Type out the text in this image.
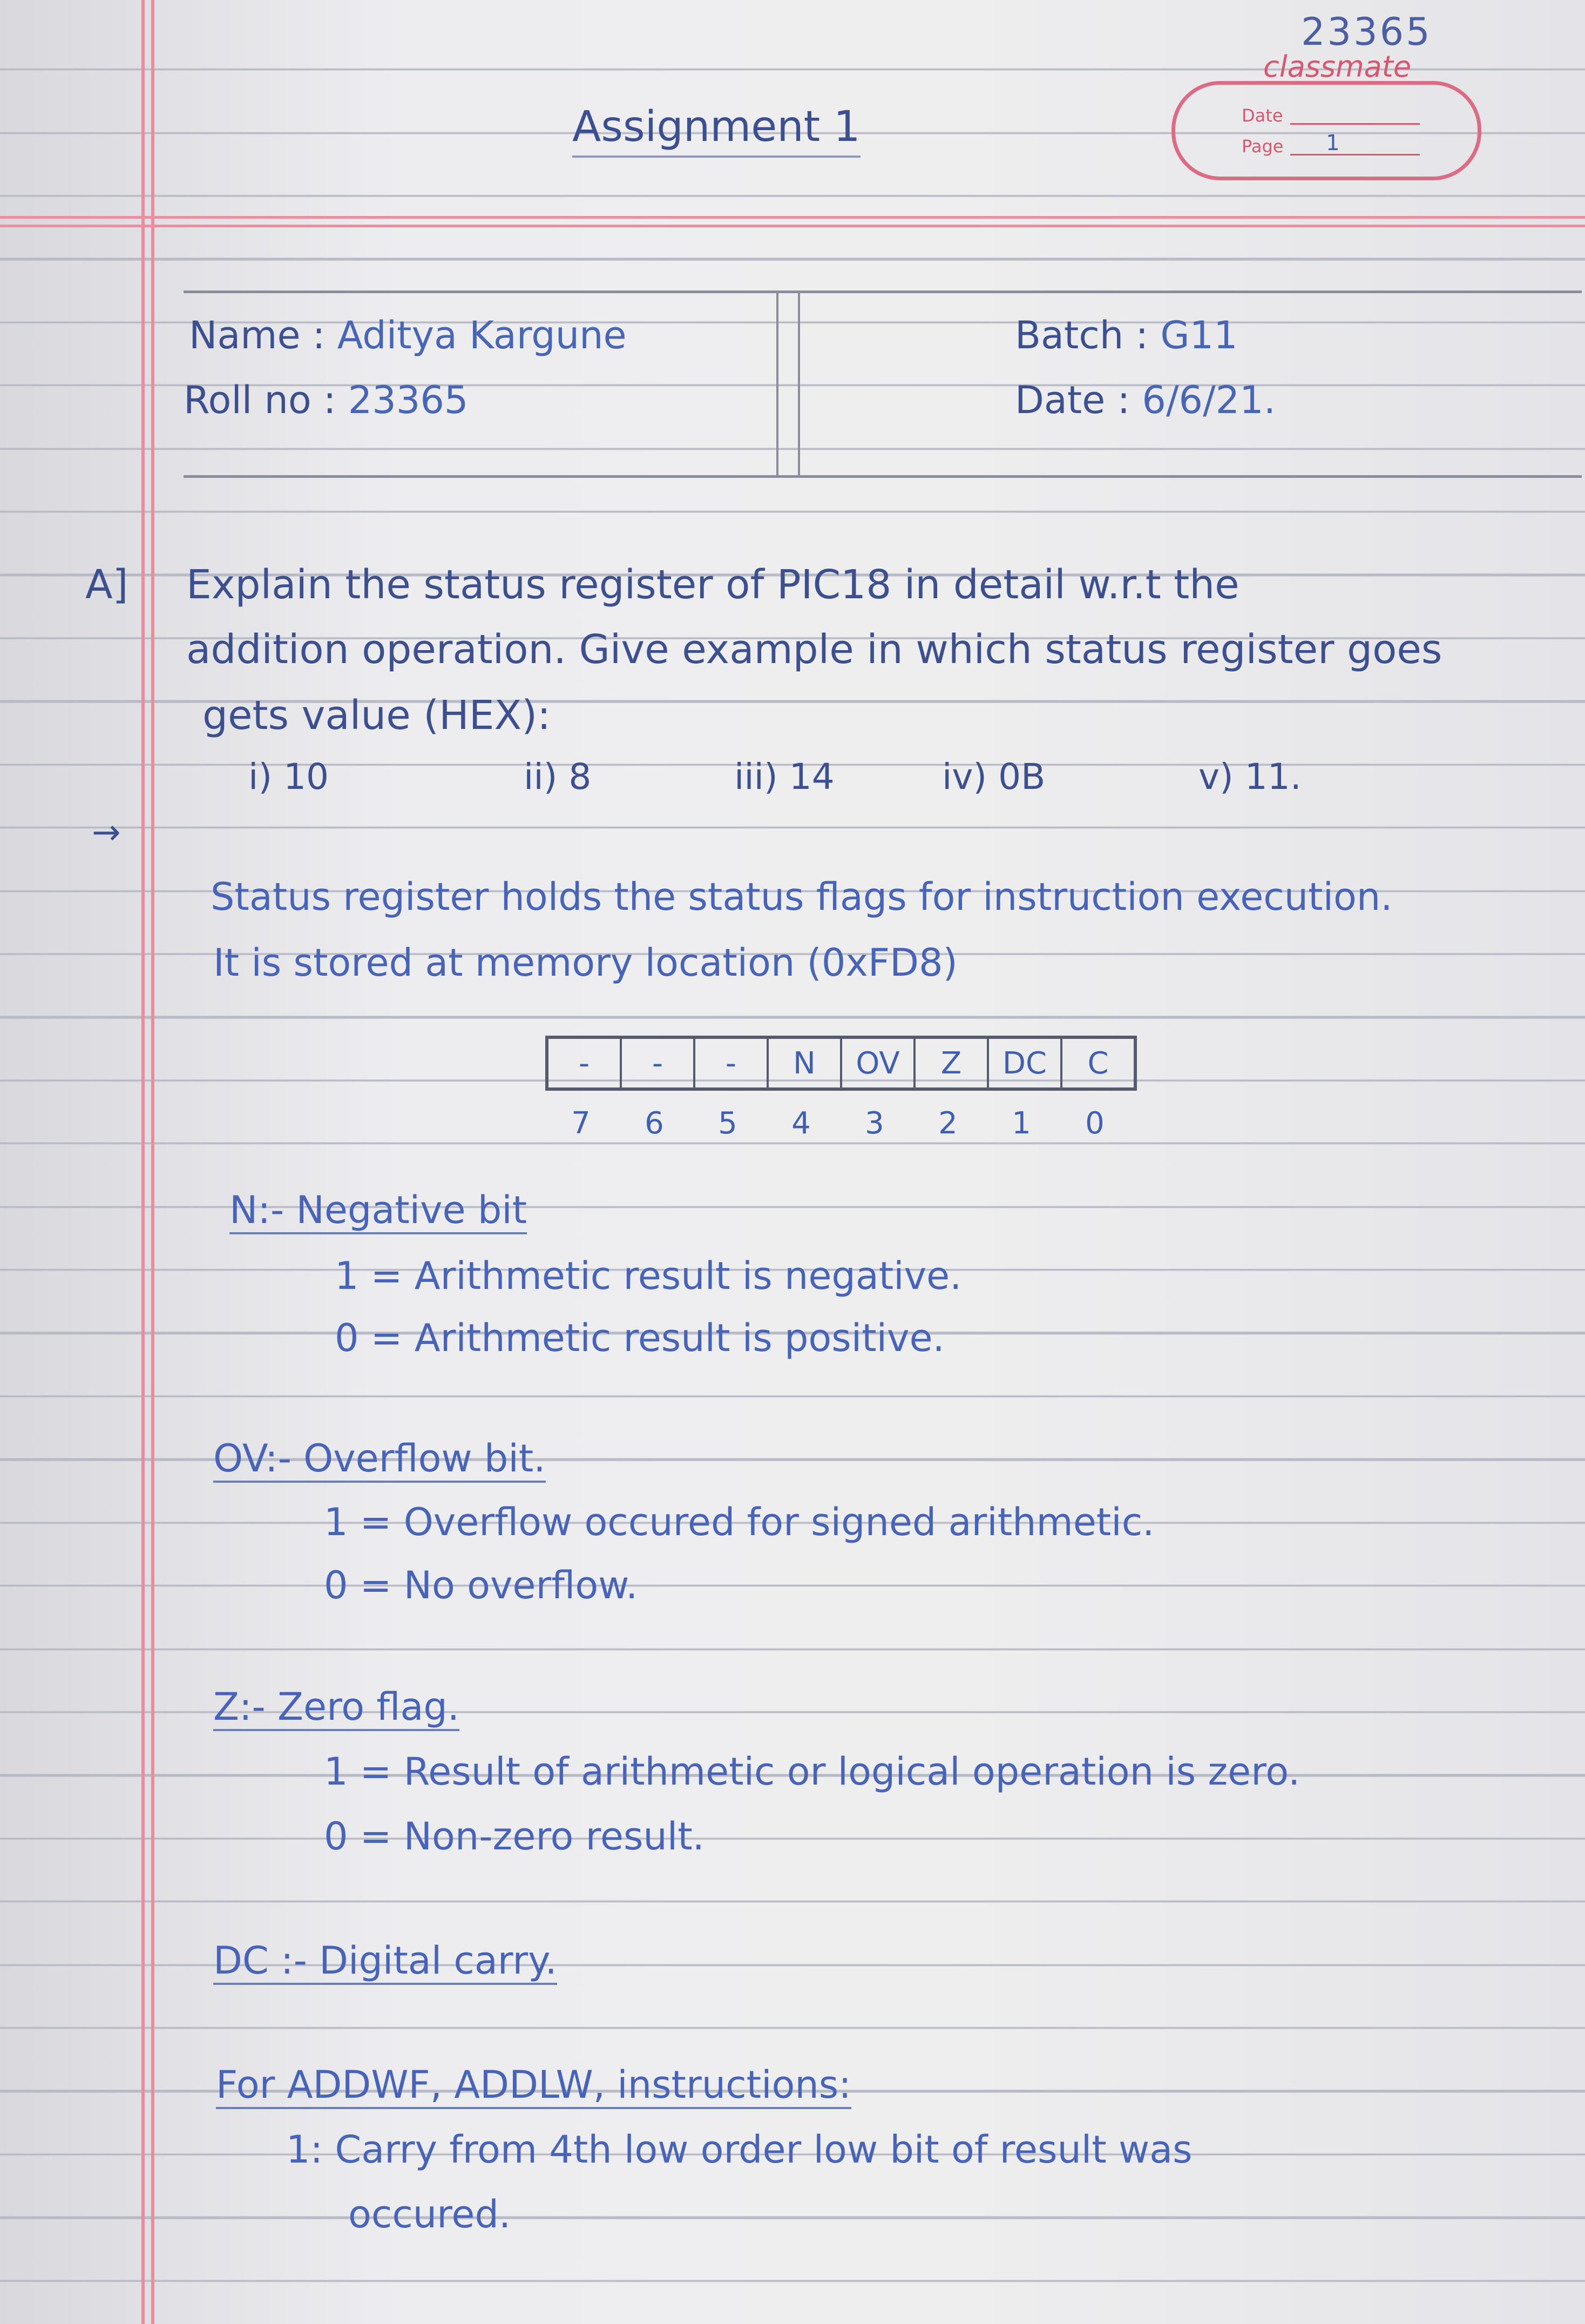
23365
classmate
Date
Page 1
Assignment 1
Name : Aditya Kargune
Roll no : 23365
Batch : G11
Date : 6/6/21.
A] Explain the status register of PIC18 in detail w.r.t the
addition operation. Give example in which status register goes
gets value (HEX):
i) 10	ii) 8	iii) 14	iv) 0B	v) 11.
→
Status register holds the status flags for instruction execution.
It is stored at memory location (0xFD8)
-	-	-	N	OV	Z	DC	C
7 6 5 4 3 2 1 0
N:- Negative bit
1 = Arithmetic result is negative.
0 = Arithmetic result is positive.
OV:- Overflow bit.
1 = Overflow occured for signed arithmetic.
0 = No overflow.
Z:- Zero flag.
1 = Result of arithmetic or logical operation is zero.
0 = Non-zero result.
DC :- Digital carry.
For ADDWF, ADDLW, instructions:
1: Carry from 4th low order low bit of result was
occured.
